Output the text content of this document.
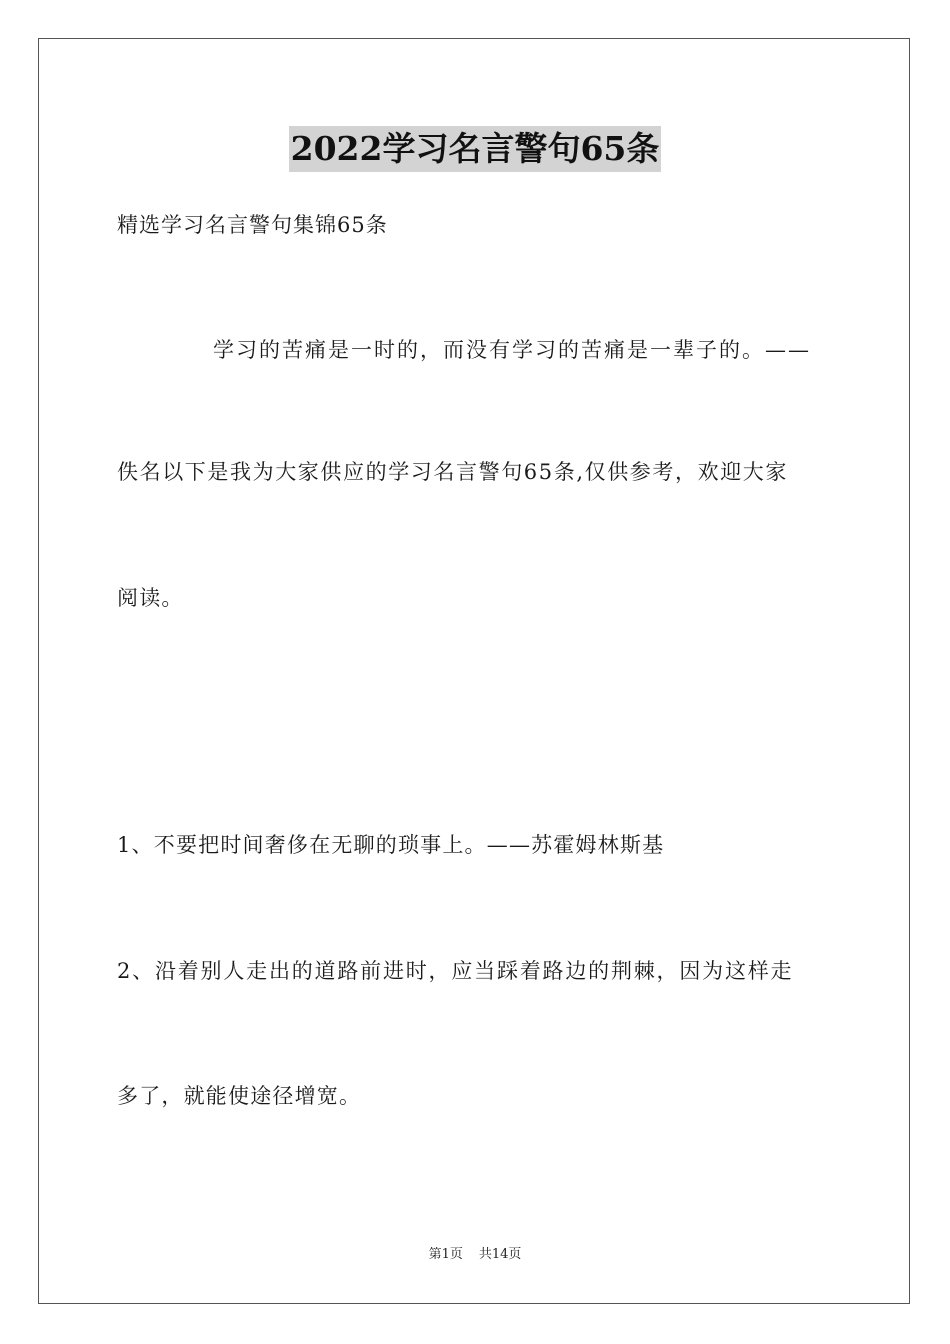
2022学习名言警句65条
精选学习名言警句集锦65条
学习的苦痛是一时的，而没有学习的苦痛是一辈子的。——
佚名以下是我为大家供应的学习名言警句65条,仅供参考，欢迎大家
阅读。
1、不要把时间奢侈在无聊的琐事上。——苏霍姆林斯基
2、沿着别人走出的道路前进时，应当踩着路边的荆棘，因为这样走
多了，就能使途径增宽。
第1页 共14页
